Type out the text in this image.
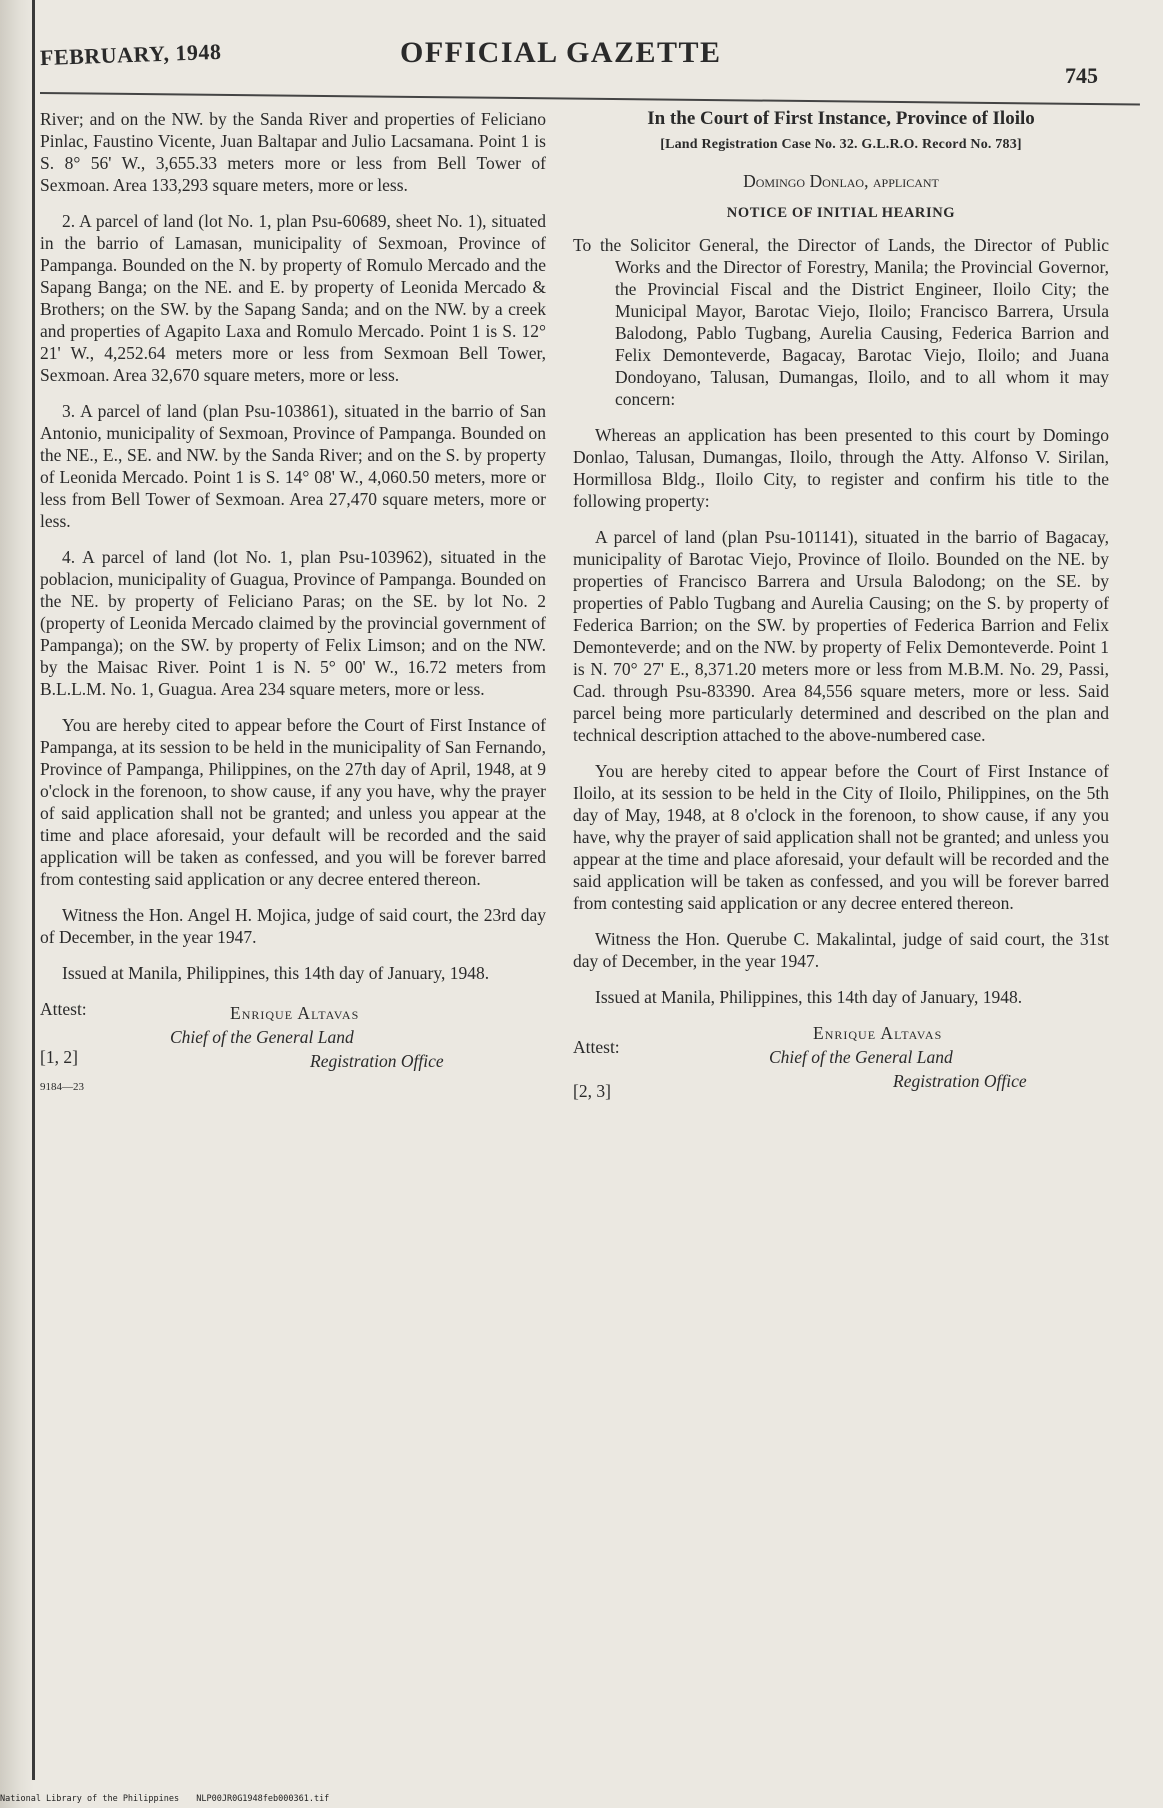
FEBRUARY, 1948	OFFICIAL GAZETTE
745

River; and on the NW. by the Sanda River and properties of Feliciano Pinlac, Faustino Vicente, Juan Baltapar and Julio Lacsamana. Point 1 is S. 8° 56' W., 3,655.33 meters more or less from Bell Tower of Sexmoan. Area 133,293 square meters, more or less.

2. A parcel of land (lot No. 1, plan Psu-60689, sheet No. 1), situated in the barrio of Lamasan, municipality of Sexmoan, Province of Pampanga. Bounded on the N. by property of Romulo Mercado and the Sapang Banga; on the NE. and E. by property of Leonida Mercado & Brothers; on the SW. by the Sapang Sanda; and on the NW. by a creek and properties of Agapito Laxa and Romulo Mercado. Point 1 is S. 12° 21' W., 4,252.64 meters more or less from Sexmoan Bell Tower, Sexmoan. Area 32,670 square meters, more or less.

3. A parcel of land (plan Psu-103861), situated in the barrio of San Antonio, municipality of Sexmoan, Province of Pampanga. Bounded on the NE., E., SE. and NW. by the Sanda River; and on the S. by property of Leonida Mercado. Point 1 is S. 14° 08' W., 4,060.50 meters, more or less from Bell Tower of Sexmoan. Area 27,470 square meters, more or less.

4. A parcel of land (lot No. 1, plan Psu-103962), situated in the poblacion, municipality of Guagua, Province of Pampanga. Bounded on the NE. by property of Feliciano Paras; on the SE. by lot No. 2 (property of Leonida Mercado claimed by the provincial government of Pampanga); on the SW. by property of Felix Limson; and on the NW. by the Maisac River. Point 1 is N. 5° 00' W., 16.72 meters from B.L.L.M. No. 1, Guagua. Area 234 square meters, more or less.

You are hereby cited to appear before the Court of First Instance of Pampanga, at its session to be held in the municipality of San Fernando, Province of Pampanga, Philippines, on the 27th day of April, 1948, at 9 o'clock in the forenoon, to show cause, if any you have, why the prayer of said application shall not be granted; and unless you appear at the time and place aforesaid, your default will be recorded and the said application will be taken as confessed, and you will be forever barred from contesting said application or any decree entered thereon.

Witness the Hon. Angel H. Mojica, judge of said court, the 23rd day of December, in the year 1947.

Issued at Manila, Philippines, this 14th day of January, 1948.

Attest:	Enrique Altavas
Chief of the General Land
Registration Office
[1, 2]
9184—23
In the Court of First Instance, Province of Iloilo
[Land Registration Case No. 32. G.L.R.O. Record No. 783]
Domingo Donlao, applicant
NOTICE OF INITIAL HEARING

To the Solicitor General, the Director of Lands, the Director of Public Works and the Director of Forestry, Manila; the Provincial Governor, the Provincial Fiscal and the District Engineer, Iloilo City; the Municipal Mayor, Barotac Viejo, Iloilo; Francisco Barrera, Ursula Balodong, Pablo Tugbang, Aurelia Causing, Federica Barrion and Felix Demonteverde, Bagacay, Barotac Viejo, Iloilo; and Juana Dondoyano, Talusan, Dumangas, Iloilo, and to all whom it may concern:

Whereas an application has been presented to this court by Domingo Donlao, Talusan, Dumangas, Iloilo, through the Atty. Alfonso V. Sirilan, Hormillosa Bldg., Iloilo City, to register and confirm his title to the following property:

A parcel of land (plan Psu-101141), situated in the barrio of Bagacay, municipality of Barotac Viejo, Province of Iloilo. Bounded on the NE. by properties of Francisco Barrera and Ursula Balodong; on the SE. by properties of Pablo Tugbang and Aurelia Causing; on the S. by property of Federica Barrion; on the SW. by properties of Federica Barrion and Felix Demonteverde; and on the NW. by property of Felix Demonteverde. Point 1 is N. 70° 27' E., 8,371.20 meters more or less from M.B.M. No. 29, Passi, Cad. through Psu-83390. Area 84,556 square meters, more or less. Said parcel being more particularly determined and described on the plan and technical description attached to the above-numbered case.

You are hereby cited to appear before the Court of First Instance of Iloilo, at its session to be held in the City of Iloilo, Philippines, on the 5th day of May, 1948, at 8 o'clock in the forenoon, to show cause, if any you have, why the prayer of said application shall not be granted; and unless you appear at the time and place aforesaid, your default will be recorded and the said application will be taken as confessed, and you will be forever barred from contesting said application or any decree entered thereon.

Witness the Hon. Querube C. Makalintal, judge of said court, the 31st day of December, in the year 1947.

Issued at Manila, Philippines, this 14th day of January, 1948.

Attest:
Enrique Altavas
Chief of the General Land
Registration Office
[2, 3]
National Library of the Philippines NLP00JR0G1948feb000361.tif
